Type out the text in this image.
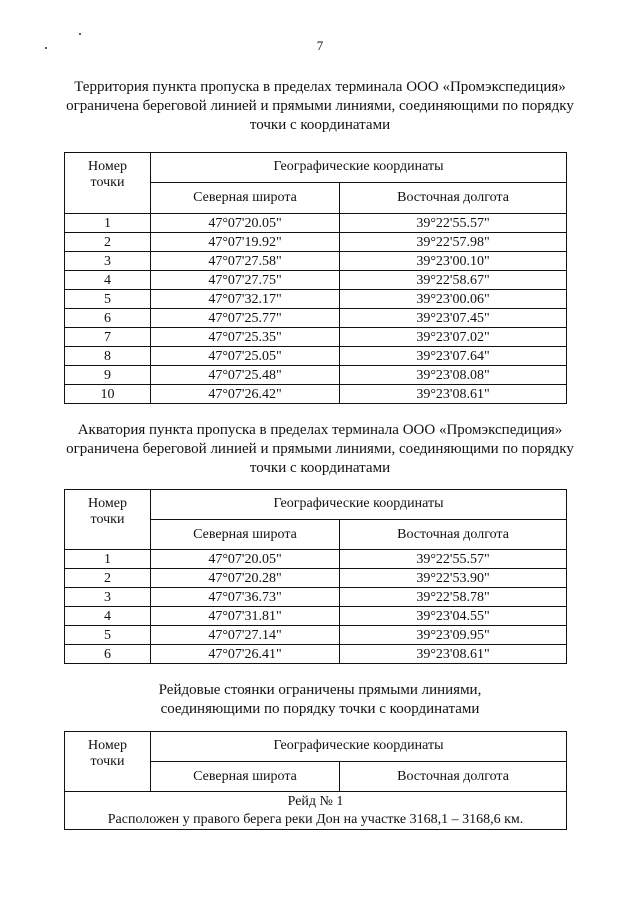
7
Территория пункта пропуска в пределах терминала ООО «Промэкспедиция»
ограничена береговой линией и прямыми линиями, соединяющими по порядку
точки с координатами
Номер
точки	Географические координаты	
	Северная широта	Восточная долгота
1	47°07'20.05"	39°22'55.57"
2	47°07'19.92"	39°22'57.98"
3	47°07'27.58"	39°23'00.10"
4	47°07'27.75"	39°22'58.67"
5	47°07'32.17"	39°23'00.06"
6	47°07'25.77"	39°23'07.45"
7	47°07'25.35"	39°23'07.02"
8	47°07'25.05"	39°23'07.64"
9	47°07'25.48"	39°23'08.08"
10	47°07'26.42"	39°23'08.61"
Акватория пункта пропуска в пределах терминала ООО «Промэкспедиция»
ограничена береговой линией и прямыми линиями, соединяющими по порядку
точки с координатами
Номер
точки	Географические координаты	
	Северная широта	Восточная долгота
1	47°07'20.05"	39°22'55.57"
2	47°07'20.28"	39°22'53.90"
3	47°07'36.73"	39°22'58.78"
4	47°07'31.81"	39°23'04.55"
5	47°07'27.14"	39°23'09.95"
6	47°07'26.41"	39°23'08.61"
Рейдовые стоянки ограничены прямыми линиями,
соединяющими по порядку точки с координатами
Номер
точки	Географические координаты	
	Северная широта	Восточная долгота

Рейд № 1
Расположен у правого берега реки Дон на участке 3168,1 – 3168,6 км.		
